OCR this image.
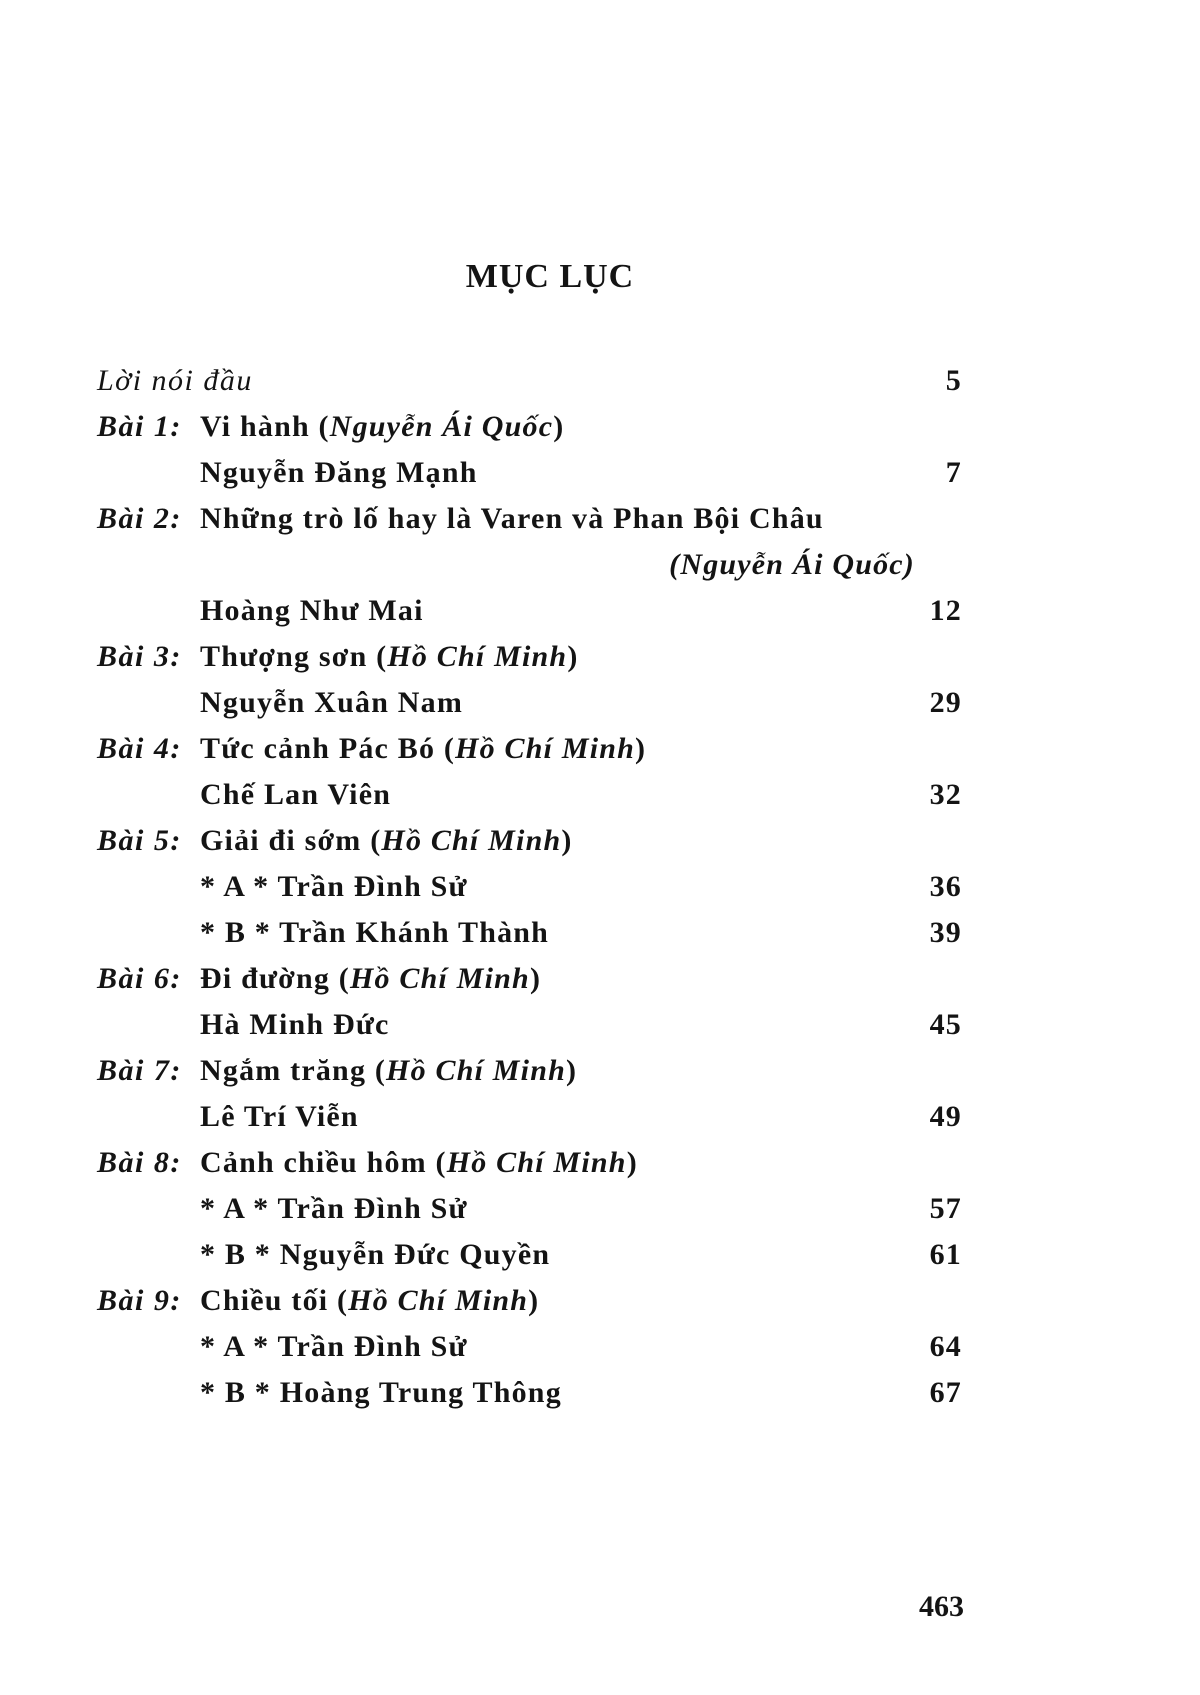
MỤC LỤC
Lời nói đầu	5
Bài 1: Vi hành (Nguyễn Ái Quốc)
Nguyễn Đăng Mạnh	7
Bài 2: Những trò lố hay là Varen và Phan Bội Châu
(Nguyễn Ái Quốc)
Hoàng Như Mai	12
Bài 3: Thượng sơn (Hồ Chí Minh)
Nguyễn Xuân Nam	29
Bài 4: Tức cảnh Pác Bó (Hồ Chí Minh)
Chế Lan Viên	32
Bài 5: Giải đi sớm (Hồ Chí Minh)
* A * Trần Đình Sử	36
* B * Trần Khánh Thành	39
Bài 6: Đi đường (Hồ Chí Minh)
Hà Minh Đức	45
Bài 7: Ngắm trăng (Hồ Chí Minh)
Lê Trí Viễn	49
Bài 8: Cảnh chiều hôm (Hồ Chí Minh)
* A * Trần Đình Sử	57
* B * Nguyễn Đức Quyền	61
Bài 9: Chiều tối (Hồ Chí Minh)
* A * Trần Đình Sử	64
* B * Hoàng Trung Thông	67
463
